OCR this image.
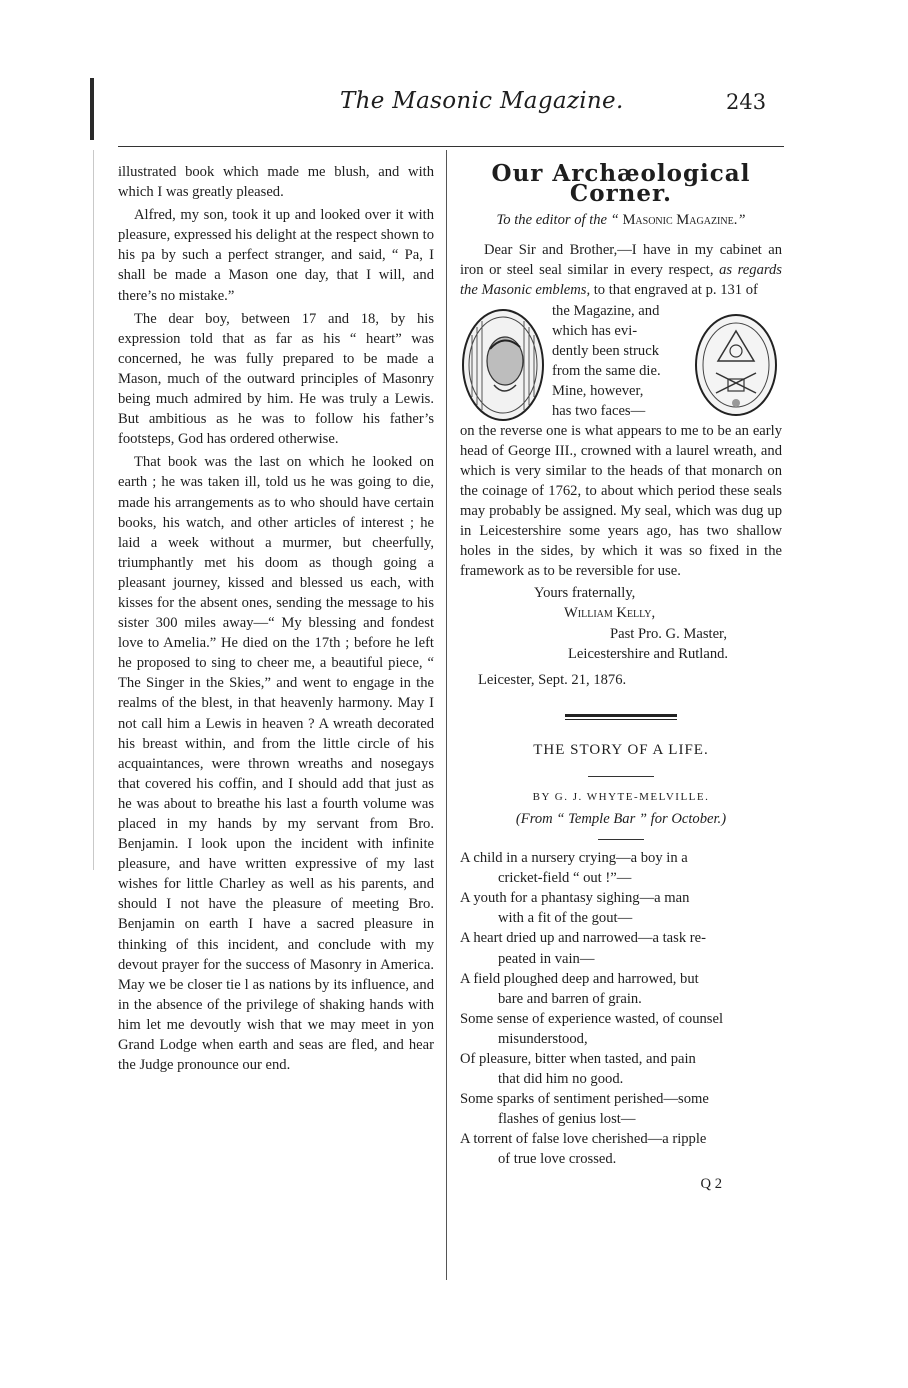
The Masonic Magazine.	243

illustrated book which made me blush, and with which I was greatly pleased.

Alfred, my son, took it up and looked over it with pleasure, expressed his delight at the respect shown to his pa by such a perfect stranger, and said, “ Pa, I shall be made a Mason one day, that I will, and there’s no mistake.”

The dear boy, between 17 and 18, by his expression told that as far as his “ heart” was concerned, he was fully prepared to be made a Mason, much of the outward principles of Masonry being much admired by him. He was truly a Lewis. But ambitious as he was to follow his father’s footsteps, God has ordered otherwise.

That book was the last on which he looked on earth ; he was taken ill, told us he was going to die, made his arrangements as to who should have certain books, his watch, and other articles of interest ; he laid a week without a murmer, but cheerfully, triumphantly met his doom as though going a pleasant journey, kissed and blessed us each, with kisses for the absent ones, sending the message to his sister 300 miles away—“ My blessing and fondest love to Amelia.” He died on the 17th ; before he left he proposed to sing to cheer me, a beautiful piece, “ The Singer in the Skies,” and went to engage in the realms of the blest, in that heavenly harmony. May I not call him a Lewis in heaven ? A wreath decorated his breast within, and from the little circle of his acquaintances, were thrown wreaths and nosegays that covered his coffin, and I should add that just as he was about to breathe his last a fourth volume was placed in my hands by my servant from Bro. Benjamin. I look upon the incident with infinite pleasure, and have written expressive of my last wishes for little Charley as well as his parents, and should I not have the pleasure of meeting Bro. Benjamin on earth I have a sacred pleasure in thinking of this incident, and conclude with my devout prayer for the success of Masonry in America. May we be closer tie l as nations by its influence, and in the absence of the privilege of shaking hands with him let me devoutly wish that we may meet in yon Grand Lodge when earth and seas are fled, and hear the Judge pronounce our end.

Our Archæological Corner.
To the editor of the “ Masonic Magazine.”

Dear Sir and Brother,—I have in my cabinet an iron or steel seal similar in every respect, as regards the Masonic emblems, to that engraved at p. 131 of

the Magazine, and
which has evi-
dently been struck
from the same die.
Mine, however,
has two faces—

on the reverse one is what appears to me to be an early head of George III., crowned with a laurel wreath, and which is very similar to the heads of that monarch on the coinage of 1762, to about which period these seals may probably be assigned. My seal, which was dug up in Leicestershire some years ago, has two shallow holes in the sides, by which it was so fixed in the framework as to be reversible for use.

Yours fraternally,
William Kelly,
Past Pro. G. Master,
Leicestershire and Rutland.
Leicester, Sept. 21, 1876.
THE STORY OF A LIFE.
BY G. J. WHYTE-MELVILLE.
(From “ Temple Bar ” for October.)
A child in a nursery crying—a boy in a
cricket-field “ out !”—
A youth for a phantasy sighing—a man
with a fit of the gout—
A heart dried up and narrowed—a task re-
peated in vain—
A field ploughed deep and harrowed, but
bare and barren of grain.
Some sense of experience wasted, of counsel
misunderstood,
Of pleasure, bitter when tasted, and pain
that did him no good.
Some sparks of sentiment perished—some
flashes of genius lost—
A torrent of false love cherished—a ripple
of true love crossed.
Q 2
